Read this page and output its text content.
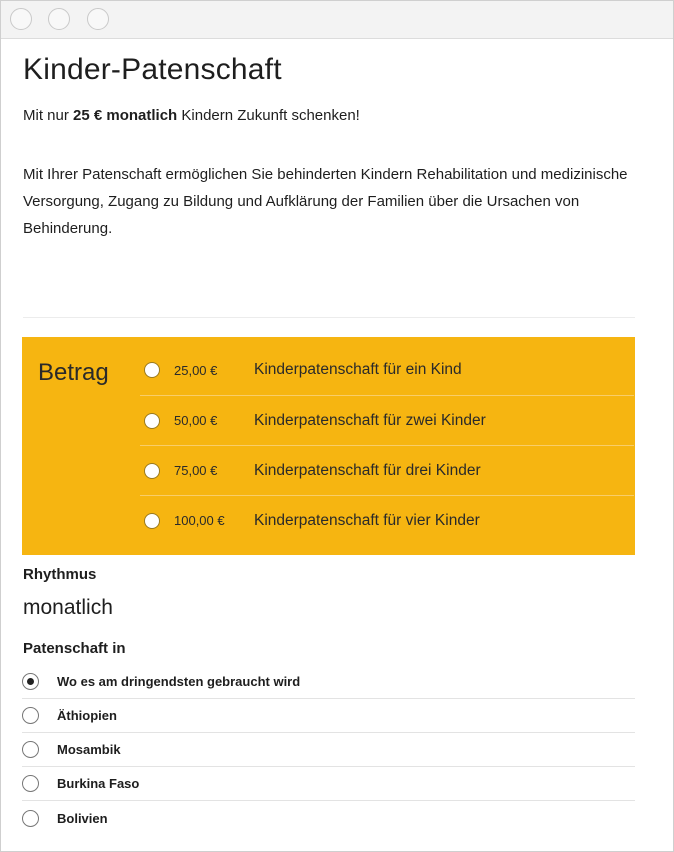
Kinder-Patenschaft

Mit nur 25 € monatlich Kindern Zukunft schenken!

Mit Ihrer Patenschaft ermöglichen Sie behinderten Kindern Rehabilitation und medizinische Versorgung, Zugang zu Bildung und Aufklärung der Familien über die Ursachen von Behinderung.

Betrag	25,00 €	Kinderpatenschaft für ein Kind
50,00 €	Kinderpatenschaft für zwei Kinder
75,00 €	Kinderpatenschaft für drei Kinder
100,00 €	Kinderpatenschaft für vier Kinder
Rhythmus
monatlich
Patenschaft in
Wo es am dringendsten gebraucht wird
Äthiopien
Mosambik
Burkina Faso
Bolivien
